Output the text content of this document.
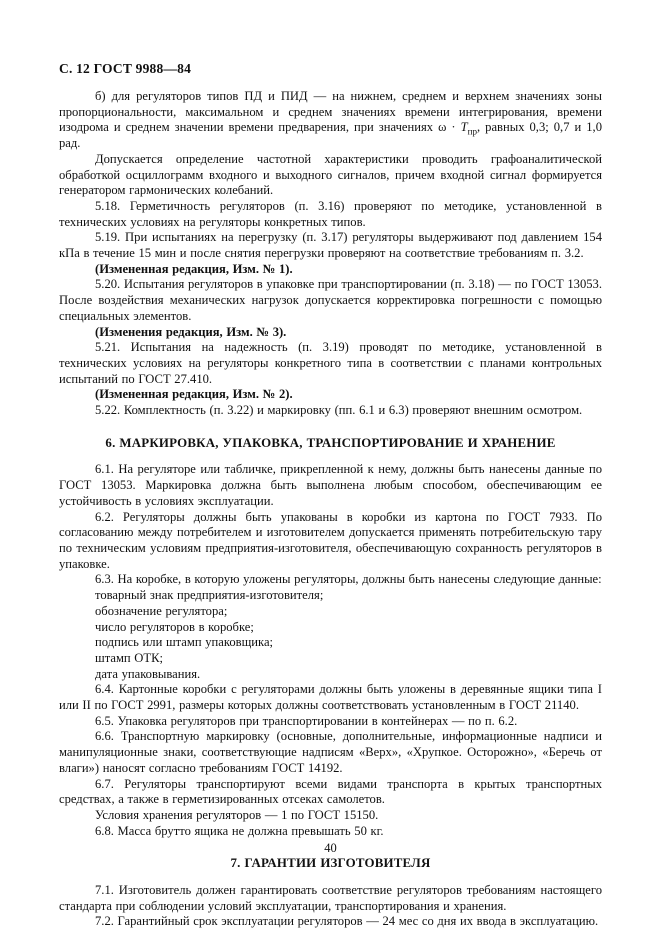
С. 12 ГОСТ 9988—84

б) для регуляторов типов ПД и ПИД — на нижнем, среднем и верхнем значениях зоны пропорциональности, максимальном и среднем значениях времени интегрирования, времени изодрома и среднем значении времени предварения, при значениях $\omega \cdot T_{пр}$, равных 0,3; 0,7 и 1,0 рад.

Допускается определение частотной характеристики проводить графоаналитической обработкой осциллограмм входного и выходного сигналов, причем входной сигнал формируется генератором гармонических колебаний.

5.18. Герметичность регуляторов (п. 3.16) проверяют по методике, установленной в технических условиях на регуляторы конкретных типов.

5.19. При испытаниях на перегрузку (п. 3.17) регуляторы выдерживают под давлением 154 кПа в течение 15 мин и после снятия перегрузки проверяют на соответствие требованиям п. 3.2.

(Измененная редакция, Изм. № 1).

5.20. Испытания регуляторов в упаковке при транспортировании (п. 3.18) — по ГОСТ 13053. После воздействия механических нагрузок допускается корректировка погрешности с помощью специальных элементов.

(Изменения редакция, Изм. № 3).

5.21. Испытания на надежность (п. 3.19) проводят по методике, установленной в технических условиях на регуляторы конкретного типа в соответствии с планами контрольных испытаний по ГОСТ 27.410.

(Измененная редакция, Изм. № 2).

5.22. Комплектность (п. 3.22) и маркировку (пп. 6.1 и 6.3) проверяют внешним осмотром.

6. МАРКИРОВКА, УПАКОВКА, ТРАНСПОРТИРОВАНИЕ И ХРАНЕНИЕ

6.1. На регуляторе или табличке, прикрепленной к нему, должны быть нанесены данные по ГОСТ 13053. Маркировка должна быть выполнена любым способом, обеспечивающим ее устойчивость в условиях эксплуатации.

6.2. Регуляторы должны быть упакованы в коробки из картона по ГОСТ 7933. По согласованию между потребителем и изготовителем допускается применять потребительскую тару по техническим условиям предприятия-изготовителя, обеспечивающую сохранность регуляторов в упаковке.

6.3. На коробке, в которую уложены регуляторы, должны быть нанесены следующие данные:

товарный знак предприятия-изготовителя;

обозначение регулятора;

число регуляторов в коробке;

подпись или штамп упаковщика;

штамп ОТК;

дата упаковывания.

6.4. Картонные коробки с регуляторами должны быть уложены в деревянные ящики типа I или II по ГОСТ 2991, размеры которых должны соответствовать установленным в ГОСТ 21140.

6.5. Упаковка регуляторов при транспортировании в контейнерах — по п. 6.2.

6.6. Транспортную маркировку (основные, дополнительные, информационные надписи и манипуляционные знаки, соответствующие надписям «Верх», «Хрупкое. Осторожно», «Беречь от влаги») наносят согласно требованиям ГОСТ 14192.

6.7. Регуляторы транспортируют всеми видами транспорта в крытых транспортных средствах, а также в герметизированных отсеках самолетов.

Условия хранения регуляторов — 1 по ГОСТ 15150.

6.8. Масса брутто ящика не должна превышать 50 кг.

7. ГАРАНТИИ ИЗГОТОВИТЕЛЯ

7.1. Изготовитель должен гарантировать соответствие регуляторов требованиям настоящего стандарта при соблюдении условий эксплуатации, транспортирования и хранения.

7.2. Гарантийный срок эксплуатации регуляторов — 24 мес со дня их ввода в эксплуатацию.

40
